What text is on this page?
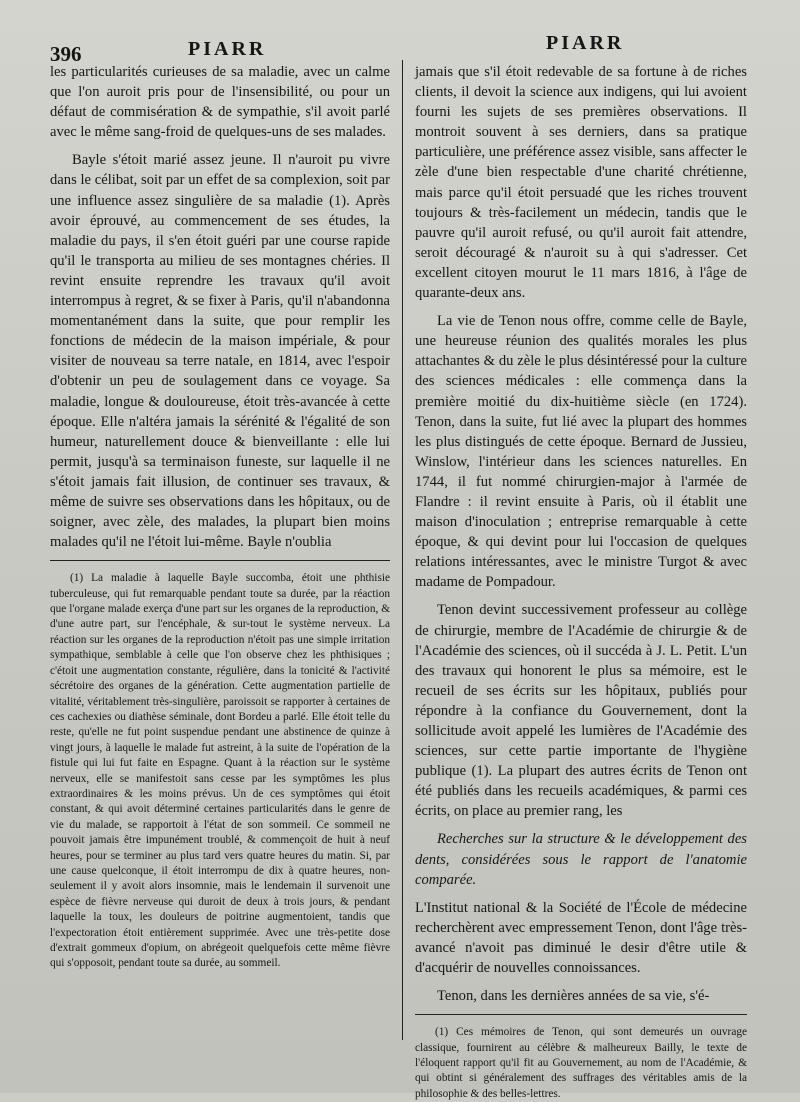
396	PIARR	PIARR

les particularités curieuses de sa maladie, avec un calme que l'on auroit pris pour de l'insensibilité, ou pour un défaut de commisération & de sympathie, s'il avoit parlé avec le même sang-froid de quelques-uns de ses malades.

Bayle s'étoit marié assez jeune. Il n'auroit pu vivre dans le célibat, soit par un effet de sa complexion, soit par une influence assez singulière de sa maladie (1). Après avoir éprouvé, au commencement de ses études, la maladie du pays, il s'en étoit guéri par une course rapide qu'il le transporta au milieu de ses montagnes chéries. Il revint ensuite reprendre les travaux qu'il avoit interrompus à regret, & se fixer à Paris, qu'il n'abandonna momentanément dans la suite, que pour remplir les fonctions de médecin de la maison impériale, & pour visiter de nouveau sa terre natale, en 1814, avec l'espoir d'obtenir un peu de soulagement dans ce voyage. Sa maladie, longue & douloureuse, étoit très-avancée à cette époque. Elle n'altéra jamais la sérénité & l'égalité de son humeur, naturellement douce & bienveillante : elle lui permit, jusqu'à sa terminaison funeste, sur laquelle il ne s'étoit jamais fait illusion, de continuer ses travaux, & même de suivre ses observations dans les hôpitaux, ou de soigner, avec zèle, des malades, la plupart bien moins malades qu'il ne l'étoit lui-même. Bayle n'oublia

(1) La maladie à laquelle Bayle succomba, étoit une phthisie tuberculeuse, qui fut remarquable pendant toute sa durée, par la réaction que l'organe malade exerça d'une part sur les organes de la reproduction, & d'une autre part, sur l'encéphale, & sur-tout le système nerveux. La réaction sur les organes de la reproduction n'étoit pas une simple irritation sympathique, semblable à celle que l'on observe chez les phthisiques ; c'étoit une augmentation constante, régulière, dans la tonicité & l'activité sécrétoire des organes de la génération. Cette augmentation partielle de vitalité, véritablement très-singulière, paroissoit se rapporter à certaines de ces cachexies ou diathèse séminale, dont Bordeu a parlé. Elle étoit telle du reste, qu'elle ne fut point suspendue pendant une abstinence de quinze à vingt jours, à laquelle le malade fut astreint, à la suite de l'opération de la fistule qui lui fut faite en Espagne. Quant à la réaction sur le système nerveux, elle se manifestoit sans cesse par les symptômes les plus extraordinaires & les moins prévus. Un de ces symptômes qui étoit constant, & qui avoit déterminé certaines particularités dans le genre de vie du malade, se rapportoit à l'état de son sommeil. Ce sommeil ne pouvoit jamais être impunément troublé, & commençoit de huit à neuf heures, pour se terminer au plus tard vers quatre heures du matin. Si, par une cause quelconque, il étoit interrompu de dix à quatre heures, non-seulement il y avoit alors insomnie, mais le lendemain il survenoit une espèce de fièvre nerveuse qui duroit de deux à trois jours, & pendant laquelle la toux, les douleurs de poitrine augmentoient, tandis que l'expectoration étoit entièrement supprimée. Avec une très-petite dose d'extrait gommeux d'opium, on abrégeoit quelquefois cette même fièvre qui s'opposoit, pendant toute sa durée, au sommeil.

jamais que s'il étoit redevable de sa fortune à de riches clients, il devoit la science aux indigens, qui lui avoient fourni les sujets de ses premières observations. Il montroit souvent à ses derniers, dans sa pratique particulière, une préférence assez visible, sans affecter le zèle d'une bien respectable d'une charité chrétienne, mais parce qu'il étoit persuadé que les riches trouvent toujours & très-facilement un médecin, tandis que le pauvre qu'il auroit refusé, ou qu'il auroit fait attendre, seroit découragé & n'auroit su à qui s'adresser. Cet excellent citoyen mourut le 11 mars 1816, à l'âge de quarante-deux ans.

La vie de Tenon nous offre, comme celle de Bayle, une heureuse réunion des qualités morales les plus attachantes & du zèle le plus désintéressé pour la culture des sciences médicales : elle commença dans la première moitié du dix-huitième siècle (en 1724). Tenon, dans la suite, fut lié avec la plupart des hommes les plus distingués de cette époque. Bernard de Jussieu, Winslow, l'intérieur dans les sciences naturelles. En 1744, il fut nommé chirurgien-major à l'armée de Flandre : il revint ensuite à Paris, où il établit une maison d'inoculation ; entreprise remarquable à cette époque, & qui devint pour lui l'occasion de quelques relations intéressantes, avec le ministre Turgot & avec madame de Pompadour.

Tenon devint successivement professeur au collège de chirurgie, membre de l'Académie de chirurgie & de l'Académie des sciences, où il succéda à J. L. Petit. L'un des travaux qui honorent le plus sa mémoire, est le recueil de ses écrits sur les hôpitaux, publiés pour répondre à la confiance du Gouvernement, dont la sollicitude avoit appelé les lumières de l'Académie des sciences, sur cette partie importante de l'hygiène publique (1). La plupart des autres écrits de Tenon ont été publiés dans les recueils académiques, & parmi ces écrits, on place au premier rang, les

Recherches sur la structure & le développement des dents, considérées sous le rapport de l'anatomie comparée.

L'Institut national & la Société de l'École de médecine recherchèrent avec empressement Tenon, dont l'âge très-avancé n'avoit pas diminué le desir d'être utile & d'acquérir de nouvelles connoissances.

Tenon, dans les dernières années de sa vie, s'é-

(1) Ces mémoires de Tenon, qui sont demeurés un ouvrage classique, fournirent au célèbre & malheureux Bailly, le texte de l'éloquent rapport qu'il fit au Gouvernement, au nom de l'Académie, & qui obtint si généralement des suffrages des véritables amis de la philosophie & des belles-lettres.
